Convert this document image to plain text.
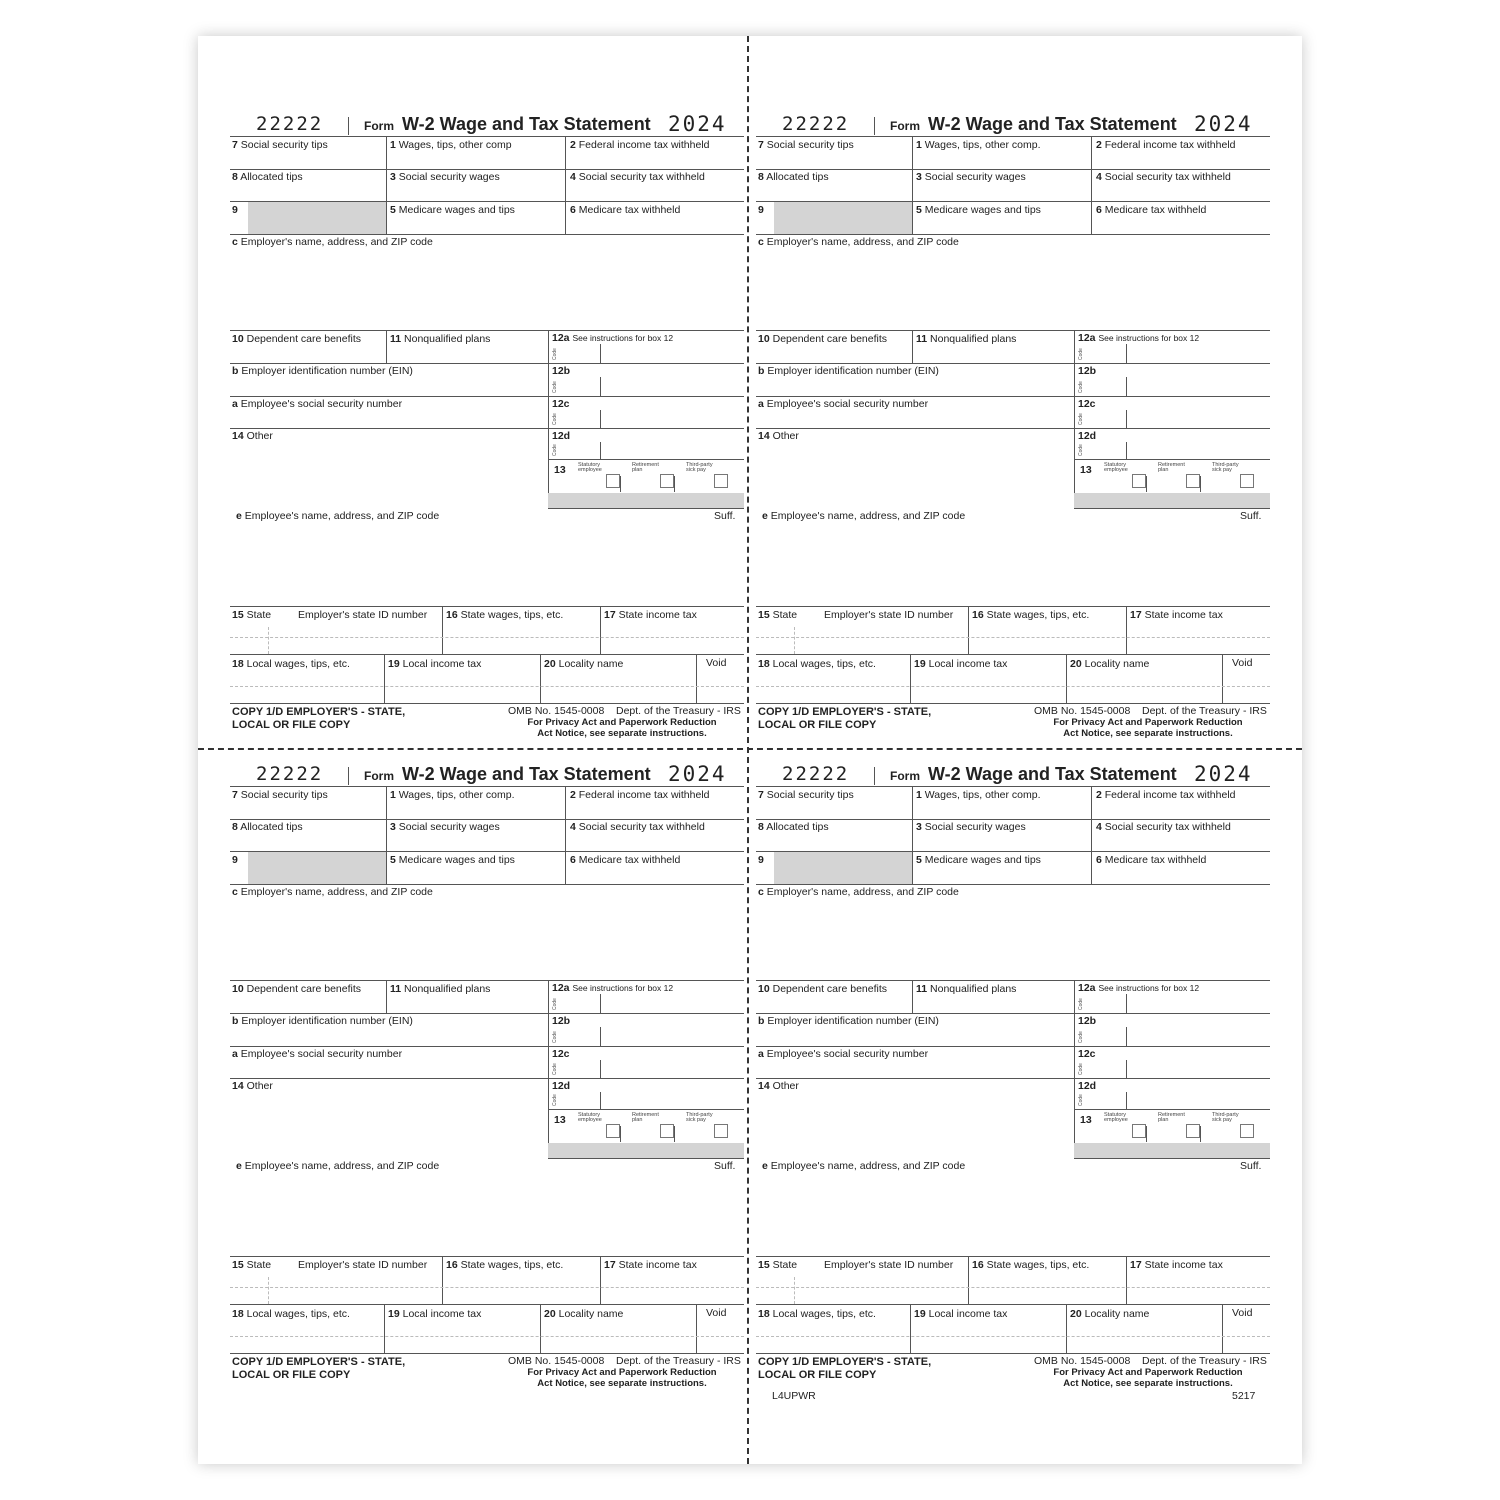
22222	Form W-2 Wage and Tax Statement 2024
7 Social security tips	1 Wages, tips, other comp	2 Federal income tax withheld
8 Allocated tips	3 Social security wages	4 Social security tax withheld
9	5 Medicare wages and tips	6 Medicare tax withheld
c Employer's name, address, and ZIP code
10 Dependent care benefits	11 Nonqualified plans	12a See instructions for box 12
Code
b Employer identification number (EIN)	12b
Code
a Employee's social security number	12c
Code
14 Other	12d
Code
13 Statutory employee
Retirement plan
Third-party sick pay
e Employee's name, address, and ZIP code	Suff.
15 State	Employer's state ID number 16 State wages, tips, etc.	17 State income tax
18 Local wages, tips, etc.	19 Local income tax	20 Locality name	Void
COPY 1/D EMPLOYER'S - STATE,
LOCAL OR FILE COPY
OMB No. 1545-0008 Dept. of the Treasury - IRS
For Privacy Act and Paperwork Reduction
Act Notice, see separate instructions.
22222	Form W-2 Wage and Tax Statement 2024
7 Social security tips	1 Wages, tips, other comp.	2 Federal income tax withheld
8 Allocated tips	3 Social security wages	4 Social security tax withheld
9	5 Medicare wages and tips	6 Medicare tax withheld
c Employer's name, address, and ZIP code
10 Dependent care benefits	11 Nonqualified plans	12a See instructions for box 12
Code
b Employer identification number (EIN)	12b
Code
a Employee's social security number	12c
Code
14 Other	12d
Code
13 Statutory employee
Retirement plan
Third-party sick pay
e Employee's name, address, and ZIP code	Suff.
15 State	Employer's state ID number 16 State wages, tips, etc.	17 State income tax
18 Local wages, tips, etc.	19 Local income tax	20 Locality name	Void
COPY 1/D EMPLOYER'S - STATE,
LOCAL OR FILE COPY
OMB No. 1545-0008 Dept. of the Treasury - IRS
For Privacy Act and Paperwork Reduction
Act Notice, see separate instructions.
22222	Form W-2 Wage and Tax Statement 2024
7 Social security tips	1 Wages, tips, other comp.	2 Federal income tax withheld
8 Allocated tips	3 Social security wages	4 Social security tax withheld
9	5 Medicare wages and tips	6 Medicare tax withheld
c Employer's name, address, and ZIP code
10 Dependent care benefits	11 Nonqualified plans	12a See instructions for box 12
Code
b Employer identification number (EIN)	12b
Code
a Employee's social security number	12c
Code
14 Other	12d
Code
13 Statutory employee
Retirement plan
Third-party sick pay
e Employee's name, address, and ZIP code	Suff.
15 State	Employer's state ID number 16 State wages, tips, etc.	17 State income tax
18 Local wages, tips, etc.	19 Local income tax	20 Locality name	Void
COPY 1/D EMPLOYER'S - STATE,
LOCAL OR FILE COPY
OMB No. 1545-0008 Dept. of the Treasury - IRS
For Privacy Act and Paperwork Reduction
Act Notice, see separate instructions.
22222	Form W-2 Wage and Tax Statement 2024
7 Social security tips	1 Wages, tips, other comp.	2 Federal income tax withheld
8 Allocated tips	3 Social security wages	4 Social security tax withheld
9	5 Medicare wages and tips	6 Medicare tax withheld
c Employer's name, address, and ZIP code
10 Dependent care benefits	11 Nonqualified plans	12a See instructions for box 12
Code
b Employer identification number (EIN)	12b
Code
a Employee's social security number	12c
Code
14 Other	12d
Code
13 Statutory employee
Retirement plan
Third-party sick pay
e Employee's name, address, and ZIP code	Suff.
15 State	Employer's state ID number 16 State wages, tips, etc.	17 State income tax
18 Local wages, tips, etc.	19 Local income tax	20 Locality name	Void
COPY 1/D EMPLOYER'S - STATE,
LOCAL OR FILE COPY
OMB No. 1545-0008 Dept. of the Treasury - IRS
For Privacy Act and Paperwork Reduction
Act Notice, see separate instructions.
L4UPWR	5217
